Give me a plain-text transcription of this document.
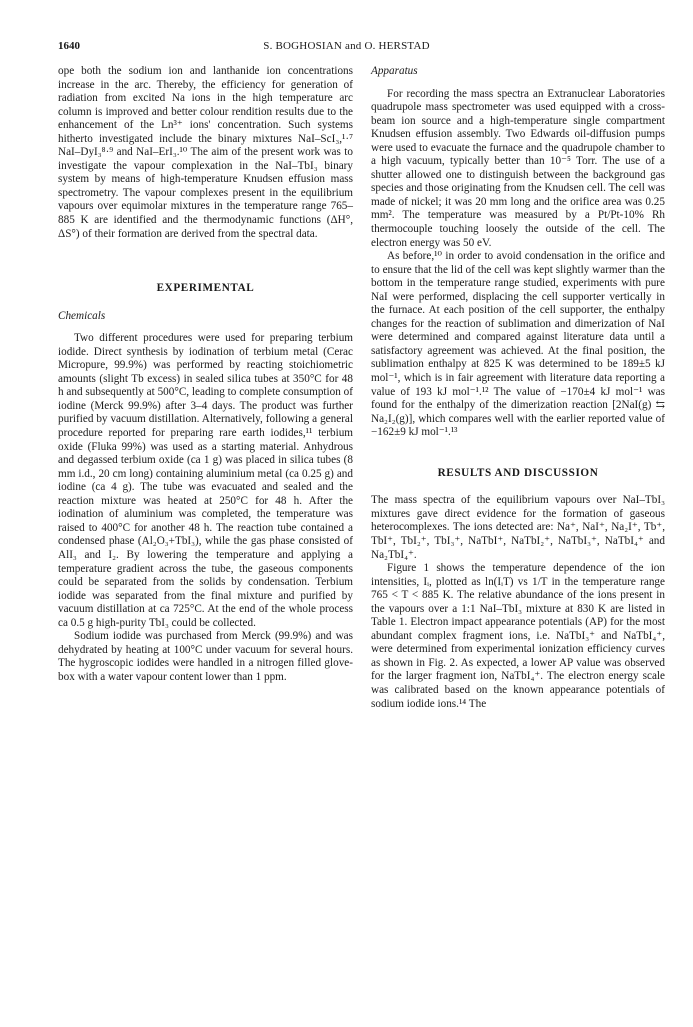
1640	S. BOGHOSIAN and O. HERSTAD

ope both the sodium ion and lanthanide ion concentrations increase in the arc. Thereby, the efficiency for generation of radiation from excited Na ions in the high temperature arc column is improved and better colour rendition results due to the enhancement of the Ln³⁺ ions' concentration. Such systems hitherto investigated include the binary mixtures NaI–ScI₃,¹·⁷ NaI–DyI₃⁸·⁹ and NaI–ErI₃.¹⁰ The aim of the present work was to investigate the vapour complexation in the NaI–TbI₃ binary system by means of high-temperature Knudsen effusion mass spectrometry. The vapour complexes present in the equilibrium vapours over equimolar mixtures in the temperature range 765–885 K are identified and the thermodynamic functions (ΔH°, ΔS°) of their formation are derived from the spectral data.

EXPERIMENTAL
Chemicals

Two different procedures were used for preparing terbium iodide. Direct synthesis by iodination of terbium metal (Cerac Micropure, 99.9%) was performed by reacting stoichiometric amounts (slight Tb excess) in sealed silica tubes at 350°C for 48 h and subsequently at 500°C, leading to complete consumption of iodine (Merck 99.9%) after 3–4 days. The product was further purified by vacuum distillation. Alternatively, following a general procedure reported for preparing rare earth iodides,¹¹ terbium oxide (Fluka 99%) was used as a starting material. Anhydrous and degassed terbium oxide (ca 1 g) was placed in silica tubes (8 mm i.d., 20 cm long) containing aluminium metal (ca 0.25 g) and iodine (ca 4 g). The tube was evacuated and sealed and the reaction mixture was heated at 250°C for 48 h. After the iodination of aluminium was completed, the temperature was raised to 400°C for another 48 h. The reaction tube contained a condensed phase (Al₂O₃+TbI₃), while the gas phase consisted of AlI₃ and I₂. By lowering the temperature and applying a temperature gradient across the tube, the gaseous components could be separated from the solids by condensation. Terbium iodide was separated from the final mixture and purified by vacuum distillation at ca 725°C. At the end of the whole process ca 0.5 g high-purity TbI₃ could be collected.

Sodium iodide was purchased from Merck (99.9%) and was dehydrated by heating at 100°C under vacuum for several hours. The hygroscopic iodides were handled in a nitrogen filled glove-box with a water vapour content lower than 1 ppm.

Apparatus

For recording the mass spectra an Extranuclear Laboratories quadrupole mass spectrometer was used equipped with a cross-beam ion source and a high-temperature single compartment Knudsen effusion assembly. Two Edwards oil-diffusion pumps were used to evacuate the furnace and the quadrupole chamber to a high vacuum, typically better than 10⁻⁵ Torr. The use of a shutter allowed one to distinguish between the background gas species and those originating from the Knudsen cell. The cell was made of nickel; it was 20 mm long and the orifice area was 0.25 mm². The temperature was measured by a Pt/Pt-10% Rh thermocouple touching loosely the outside of the cell. The electron energy was 50 eV.

As before,¹⁰ in order to avoid condensation in the orifice and to ensure that the lid of the cell was kept slightly warmer than the bottom in the temperature range studied, experiments with pure NaI were performed, displacing the cell supporter vertically in the furnace. At each position of the cell supporter, the enthalpy changes for the reaction of sublimation and dimerization of NaI were determined and compared against literature data until a satisfactory agreement was achieved. At the final position, the sublimation enthalpy at 825 K was determined to be 189±5 kJ mol⁻¹, which is in fair agreement with literature data reporting a value of 193 kJ mol⁻¹.¹² The value of −170±4 kJ mol⁻¹ was found for the enthalpy of the dimerization reaction [2NaI(g) ⇆ Na₂I₂(g)], which compares well with the earlier reported value of −162±9 kJ mol⁻¹.¹³

RESULTS AND DISCUSSION

The mass spectra of the equilibrium vapours over NaI–TbI₃ mixtures gave direct evidence for the formation of gaseous heterocomplexes. The ions detected are: Na⁺, NaI⁺, Na₂I⁺, Tb⁺, TbI⁺, TbI₂⁺, TbI₃⁺, NaTbI⁺, NaTbI₂⁺, NaTbI₃⁺, NaTbI₄⁺ and Na₂TbI₄⁺.

Figure 1 shows the temperature dependence of the ion intensities, Iᵢ, plotted as ln(IᵢT) vs 1/T in the temperature range 765 < T < 885 K. The relative abundance of the ions present in the vapours over a 1:1 NaI–TbI₃ mixture at 830 K are listed in Table 1. Electron impact appearance potentials (AP) for the most abundant complex fragment ions, i.e. NaTbI₃⁺ and NaTbI₄⁺, were determined from experimental ionization efficiency curves as shown in Fig. 2. As expected, a lower AP value was observed for the larger fragment ion, NaTbI₄⁺. The electron energy scale was calibrated based on the known appearance potentials of sodium iodide ions.¹⁴ The
